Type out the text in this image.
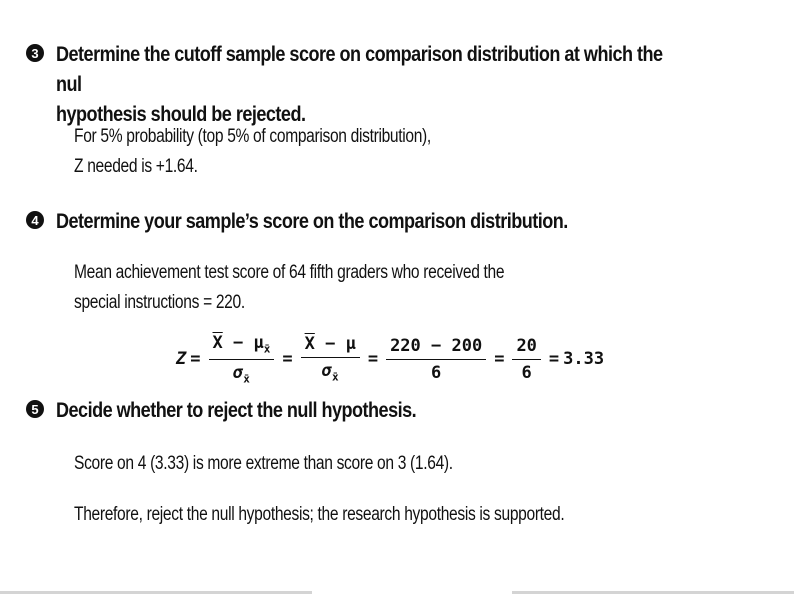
3 Determine the cutoff sample score on comparison distribution at which the nul
hypothesis should be rejected.
For 5% probability (top 5% of comparison distribution),
Z needed is +1.64.
4 Determine your sample’s score on the comparison distribution.
Mean achievement test score of 64 fifth graders who received the
special instructions = 220.
$Z = \frac{\overline{X} - \mu_{x̄}}{\sigma_{x̄}} = \frac{\overline{X} - \mu}{\sigma_{x̄}} = \frac{220 - 200}{6} = \frac{20}{6} = 3.33$
5 Decide whether to reject the null hypothesis.
Score on 4 (3.33) is more extreme than score on 3 (1.64).
Therefore, reject the null hypothesis; the research hypothesis is supported.
